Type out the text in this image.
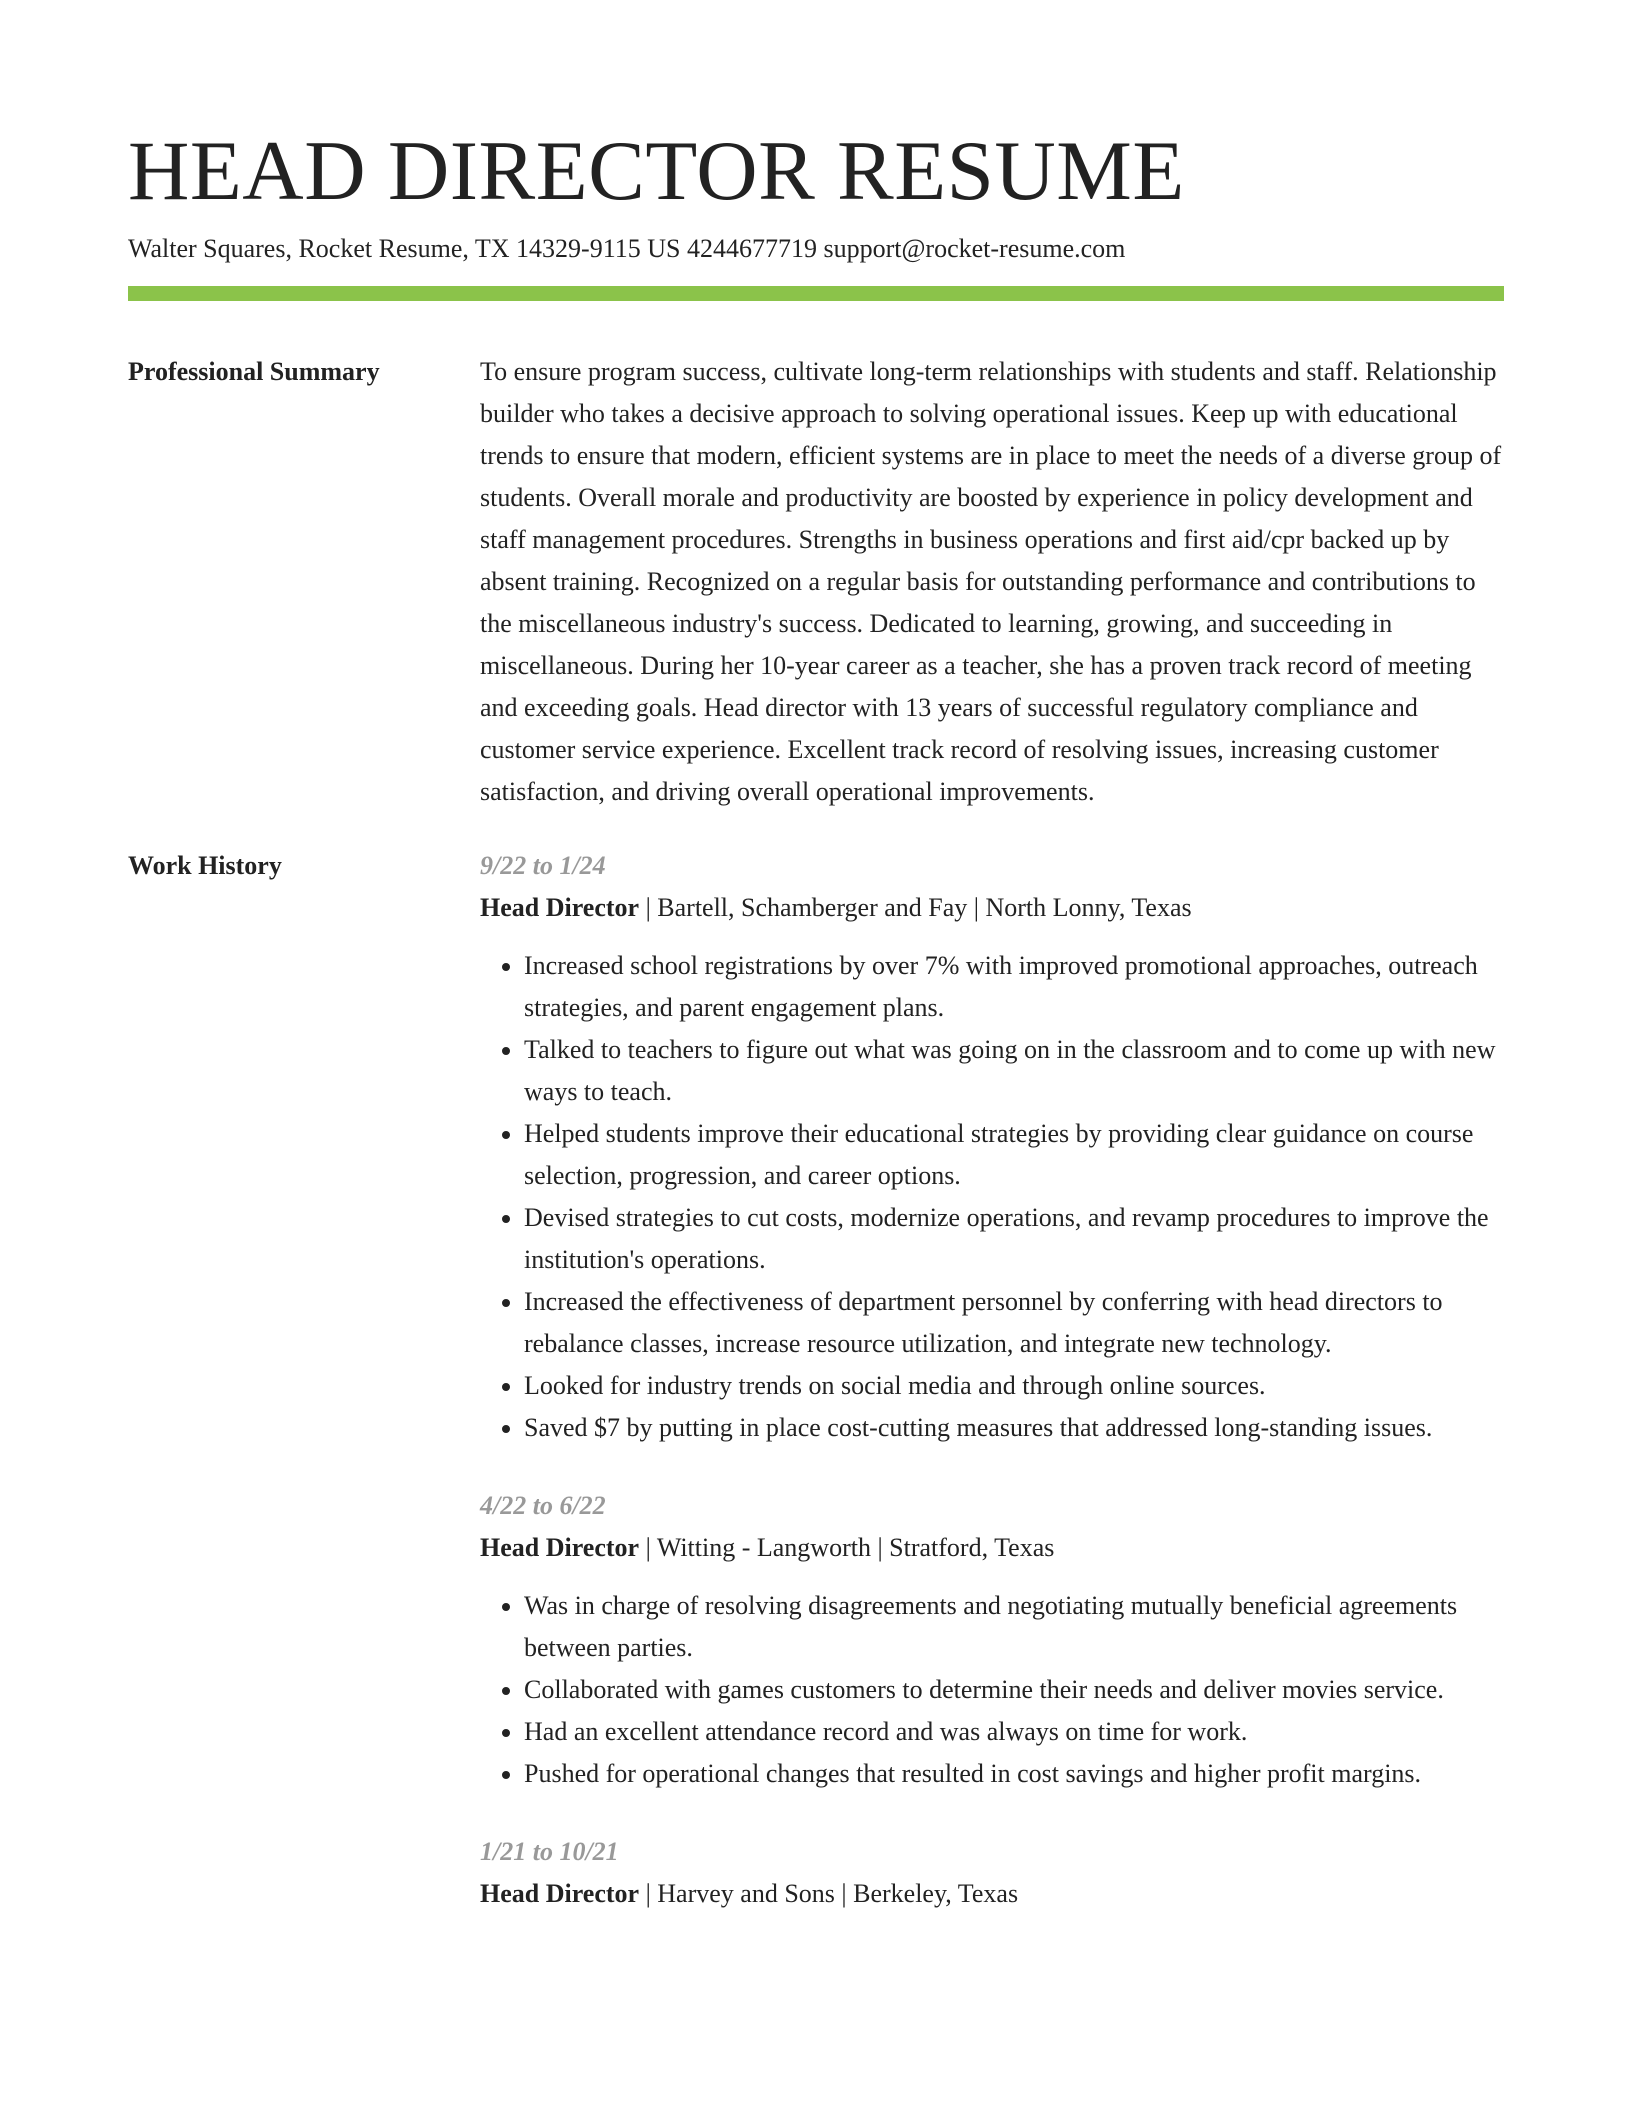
HEAD DIRECTOR RESUME
Walter Squares, Rocket Resume, TX 14329-9115 US 4244677719 support@rocket-resume.com
Professional Summary	To ensure program success, cultivate long-term relationships with students and staff. Relationship builder who takes a decisive approach to solving operational issues. Keep up with educational trends to ensure that modern, efficient systems are in place to meet the needs of a diverse group of students. Overall morale and productivity are boosted by experience in policy development and staff management procedures. Strengths in business operations and first aid/cpr backed up by absent training. Recognized on a regular basis for outstanding performance and contributions to the miscellaneous industry's success. Dedicated to learning, growing, and succeeding in miscellaneous. During her 10-year career as a teacher, she has a proven track record of meeting and exceeding goals. Head director with 13 years of successful regulatory compliance and customer service experience. Excellent track record of resolving issues, increasing customer satisfaction, and driving overall operational improvements.
Work History	9/22 to 1/24
Head Director | Bartell, Schamberger and Fay | North Lonny, Texas
• Increased school registrations by over 7% with improved promotional approaches, outreach strategies, and parent engagement plans.
• Talked to teachers to figure out what was going on in the classroom and to come up with new ways to teach.
• Helped students improve their educational strategies by providing clear guidance on course selection, progression, and career options.
• Devised strategies to cut costs, modernize operations, and revamp procedures to improve the institution's operations.
• Increased the effectiveness of department personnel by conferring with head directors to rebalance classes, increase resource utilization, and integrate new technology.
• Looked for industry trends on social media and through online sources.
• Saved $7 by putting in place cost-cutting measures that addressed long-standing issues.
4/22 to 6/22
Head Director | Witting - Langworth | Stratford, Texas
• Was in charge of resolving disagreements and negotiating mutually beneficial agreements between parties.
• Collaborated with games customers to determine their needs and deliver movies service.
• Had an excellent attendance record and was always on time for work.
• Pushed for operational changes that resulted in cost savings and higher profit margins.
1/21 to 10/21
Head Director | Harvey and Sons | Berkeley, Texas
